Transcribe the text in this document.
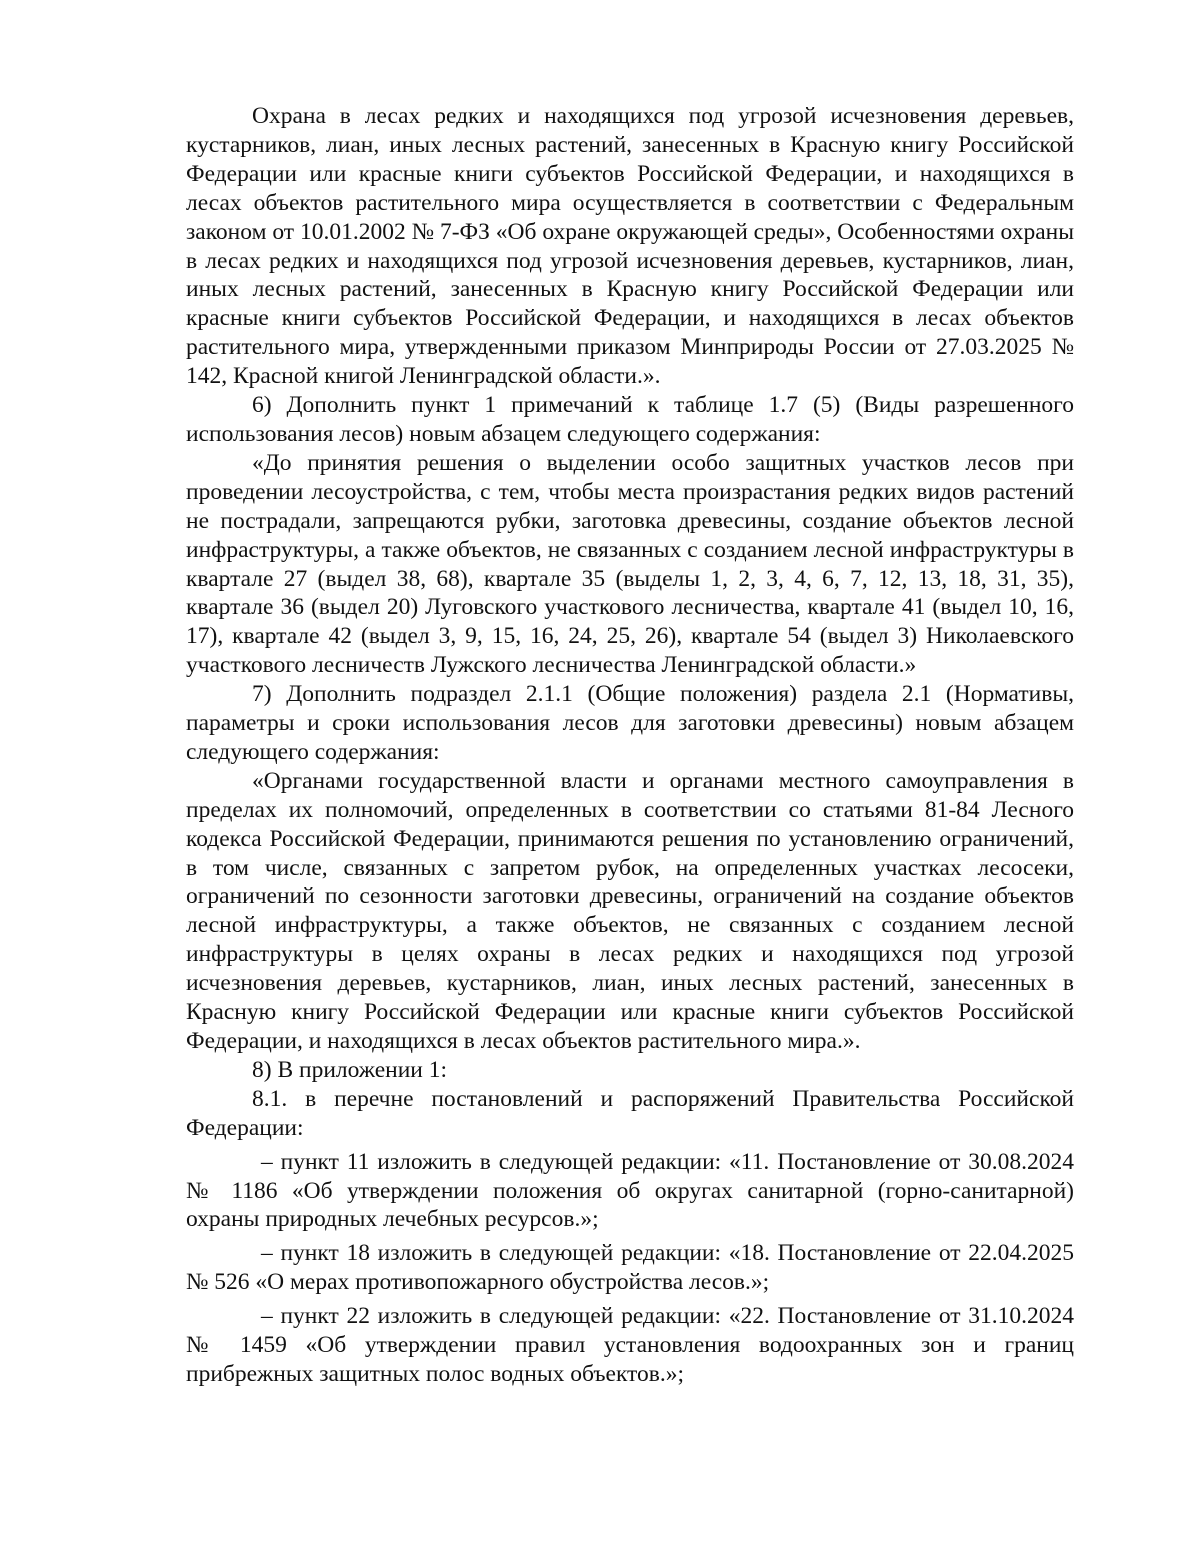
Охрана в лесах редких и находящихся под угрозой исчезновения деревьев, кустарников, лиан, иных лесных растений, занесенных в Красную книгу Российской Федерации или красные книги субъектов Российской Федерации, и находящихся в лесах объектов растительного мира осуществляется в соответствии с Федеральным законом от 10.01.2002 № 7-ФЗ «Об охране окружающей среды», Особенностями охраны в лесах редких и находящихся под угрозой исчезновения деревьев, кустарников, лиан, иных лесных растений, занесенных в Красную книгу Российской Федерации или красные книги субъектов Российской Федерации, и находящихся в лесах объектов растительного мира, утвержденными приказом Минприроды России от 27.03.2025 № 142, Красной книгой Ленинградской области.».

6) Дополнить пункт 1 примечаний к таблице 1.7 (5) (Виды разрешенного использования лесов) новым абзацем следующего содержания:

«До принятия решения о выделении особо защитных участков лесов при проведении лесоустройства, с тем, чтобы места произрастания редких видов растений не пострадали, запрещаются рубки, заготовка древесины, создание объектов лесной инфраструктуры, а также объектов, не связанных с созданием лесной инфраструктуры в квартале 27 (выдел 38, 68), квартале 35 (выделы 1, 2, 3, 4, 6, 7, 12, 13, 18, 31, 35), квартале 36 (выдел 20) Луговского участкового лесничества, квартале 41 (выдел 10, 16, 17), квартале 42 (выдел 3, 9, 15, 16, 24, 25, 26), квартале 54 (выдел 3) Николаевского участкового лесничеств Лужского лесничества Ленинградской области.»

7) Дополнить подраздел 2.1.1 (Общие положения) раздела 2.1 (Нормативы, параметры и сроки использования лесов для заготовки древесины) новым абзацем следующего содержания:

«Органами государственной власти и органами местного самоуправления в пределах их полномочий, определенных в соответствии со статьями 81-84 Лесного кодекса Российской Федерации, принимаются решения по установлению ограничений, в том числе, связанных с запретом рубок, на определенных участках лесосеки, ограничений по сезонности заготовки древесины, ограничений на создание объектов лесной инфраструктуры, а также объектов, не связанных с созданием лесной инфраструктуры в целях охраны в лесах редких и находящихся под угрозой исчезновения деревьев, кустарников, лиан, иных лесных растений, занесенных в Красную книгу Российской Федерации или красные книги субъектов Российской Федерации, и находящихся в лесах объектов растительного мира.».

8) В приложении 1:

8.1. в перечне постановлений и распоряжений Правительства Российской Федерации:

– пункт 11 изложить в следующей редакции: «11. Постановление от 30.08.2024 № 1186 «Об утверждении положения об округах санитарной (горно-санитарной) охраны природных лечебных ресурсов.»;

– пункт 18 изложить в следующей редакции: «18. Постановление от 22.04.2025 № 526 «О мерах противопожарного обустройства лесов.»;

– пункт 22 изложить в следующей редакции: «22. Постановление от 31.10.2024 № 1459 «Об утверждении правил установления водоохранных зон и границ прибрежных защитных полос водных объектов.»;
